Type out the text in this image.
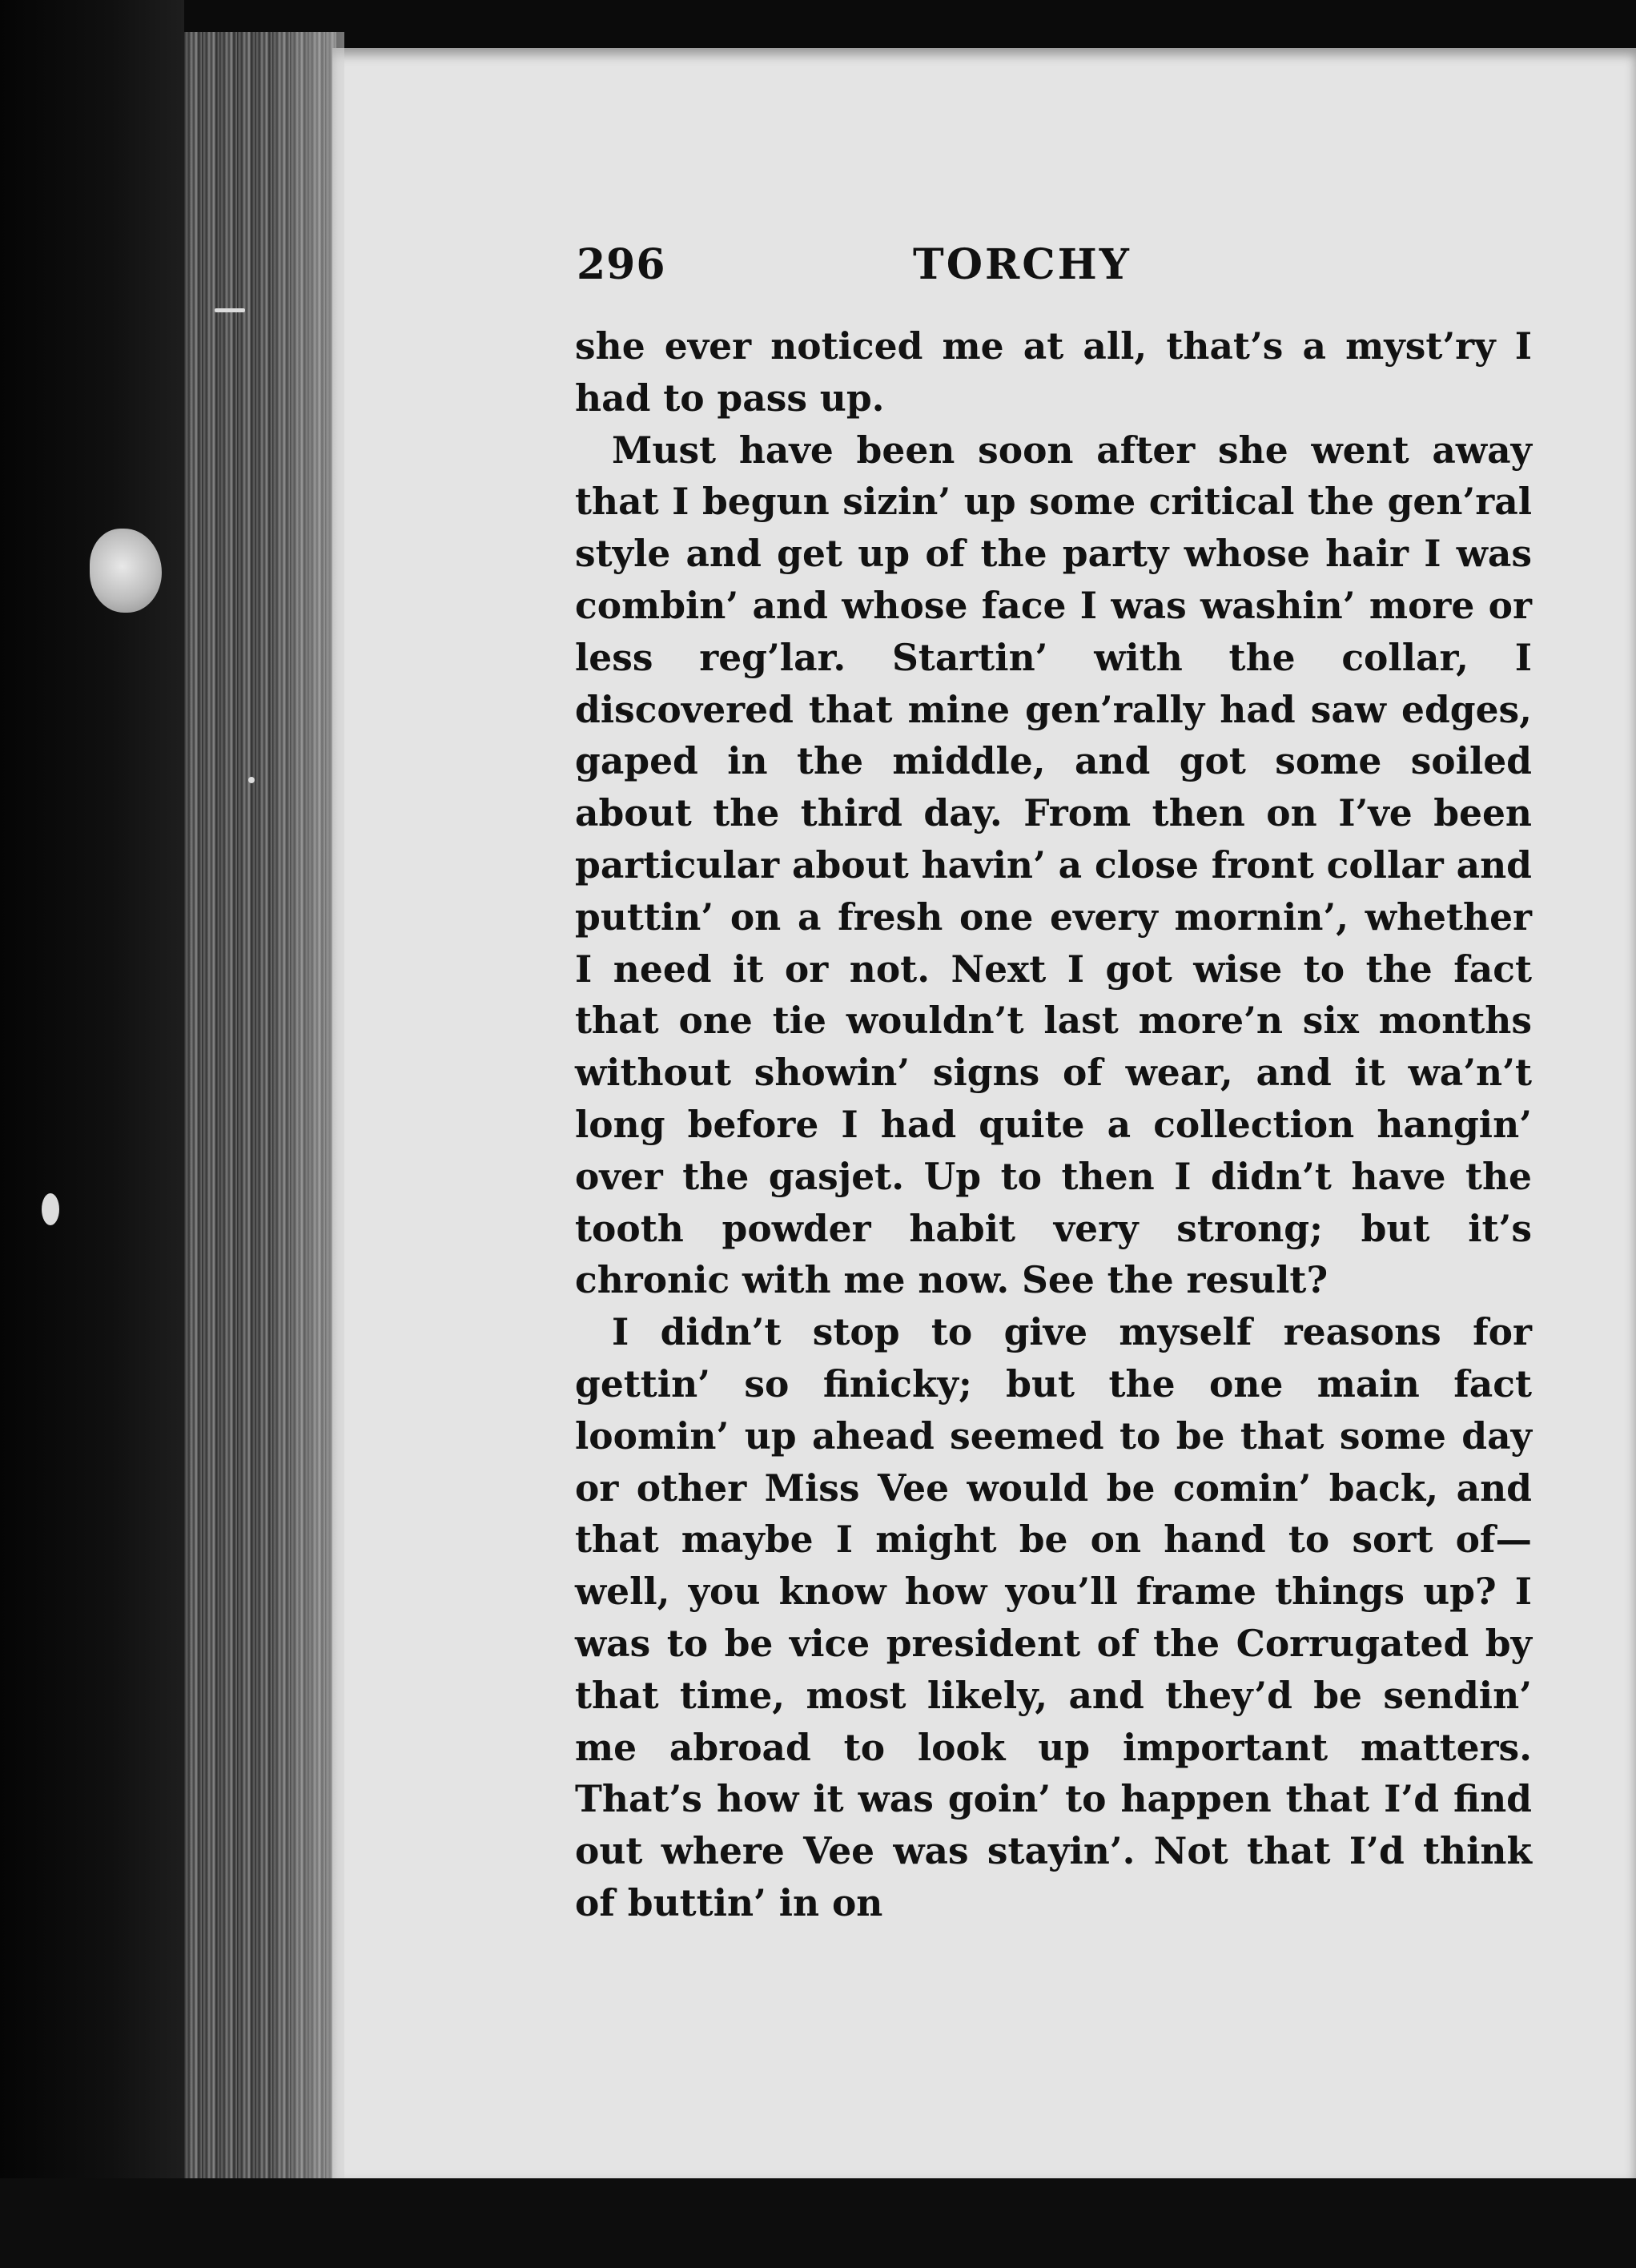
296	TORCHY

she ever noticed me at all, that’s a myst’ry I had to pass up.

Must have been soon after she went away that I begun sizin’ up some critical the gen’ral style and get up of the party whose hair I was combin’ and whose face I was washin’ more or less reg’lar. Startin’ with the collar, I discovered that mine gen’rally had saw edges, gaped in the middle, and got some soiled about the third day. From then on I’ve been particular about havin’ a close front collar and puttin’ on a fresh one every mornin’, whether I need it or not. Next I got wise to the fact that one tie wouldn’t last more’n six months without showin’ signs of wear, and it wa’n’t long before I had quite a collection hangin’ over the gasjet. Up to then I didn’t have the tooth powder habit very strong; but it’s chronic with me now. See the result?

I didn’t stop to give myself reasons for gettin’ so finicky; but the one main fact loomin’ up ahead seemed to be that some day or other Miss Vee would be comin’ back, and that maybe I might be on hand to sort of—well, you know how you’ll frame things up? I was to be vice president of the Corrugated by that time, most likely, and they’d be sendin’ me abroad to look up important matters. That’s how it was goin’ to happen that I’d find out where Vee was stayin’. Not that I’d think of buttin’ in on
